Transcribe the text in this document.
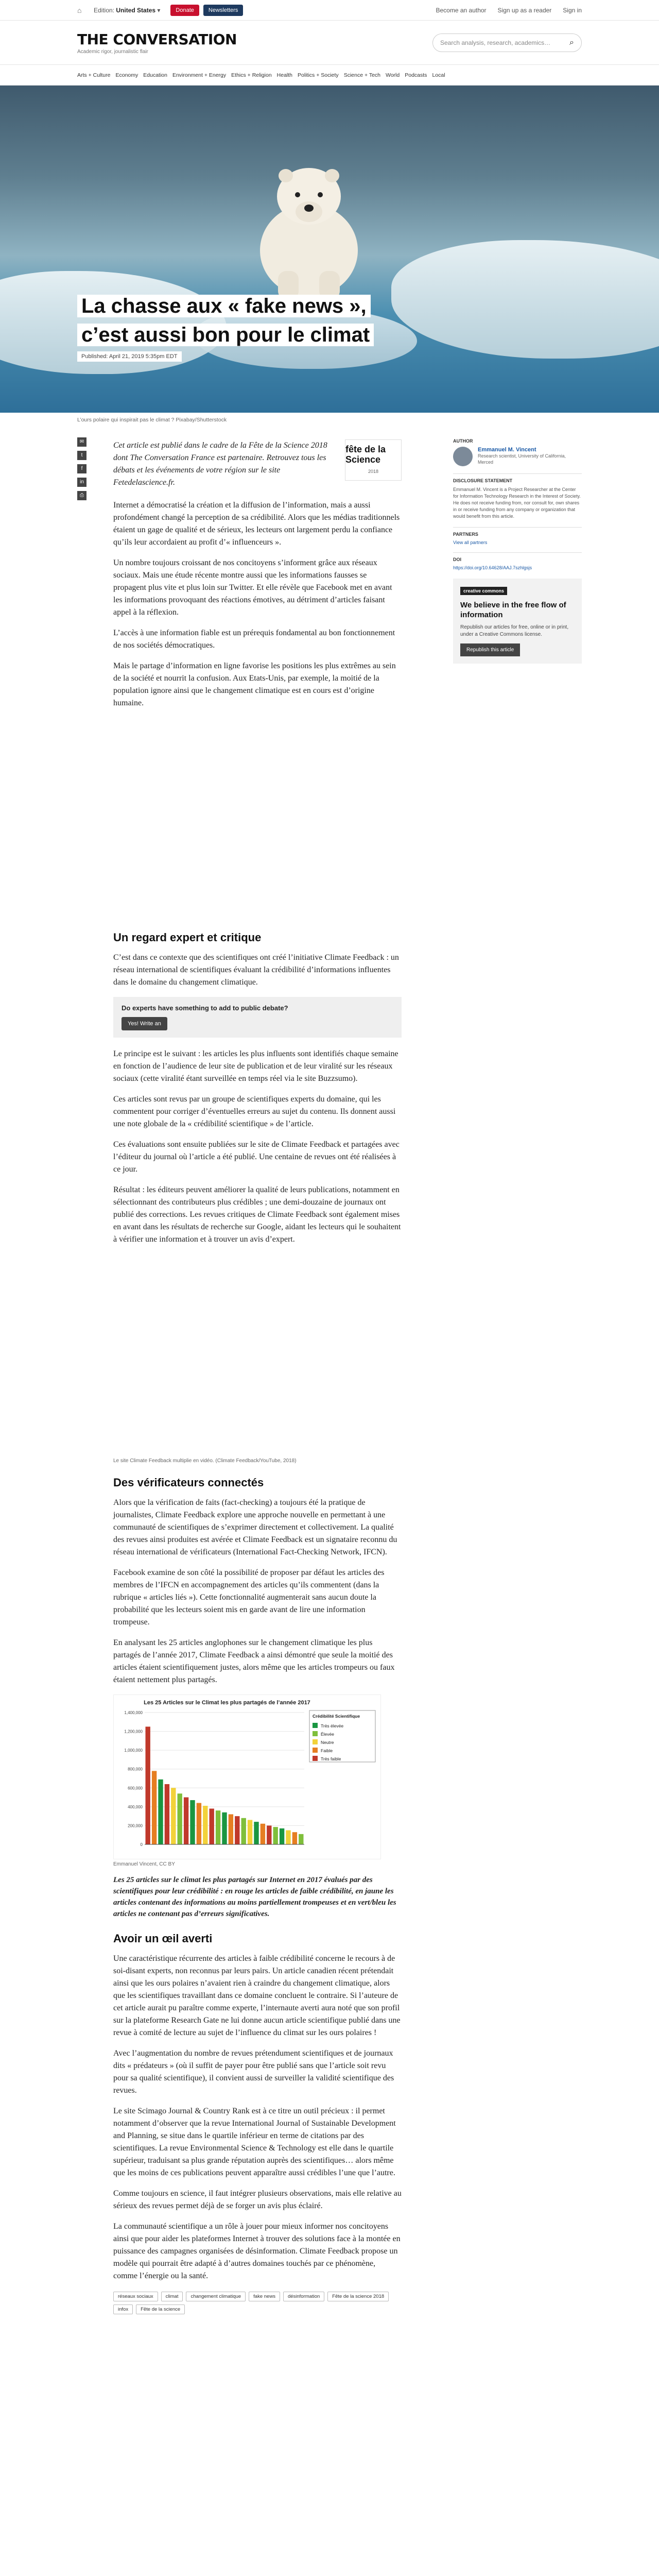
⌂	Edition: United States ▾	Donate	Newsletters	Become an author Sign up as a reader Sign in
THE CONVERSATION
Academic rigor, journalistic flair
Search analysis, research, academics…	⌕
Arts + Culture Economy Education Environment + Energy Ethics + Religion Health Politics + Society Science + Tech World Podcasts Local
La chasse aux « fake news », c’est aussi bon pour le climat
Published: April 21, 2019 5:35pm EDT
L’ours polaire qui inspirait pas le climat ? Pixabay/Shutterstock
✉
t
f
in
⎙

Cet article est publié dans le cadre de la Fête de la Science 2018 dont The Conversation France est partenaire. Retrouvez tous les débats et les événements de votre région sur le site Fetedelascience.fr.

fête de la Science
2018

Internet a démocratisé la création et la diffusion de l’information, mais a aussi profondément changé la perception de sa crédibilité. Alors que les médias traditionnels étaient un gage de qualité et de sérieux, les lecteurs ont largement perdu la confiance qu’ils leur accordaient au profit d’« influenceurs ».

Un nombre toujours croissant de nos concitoyens s’informent grâce aux réseaux sociaux. Mais une étude récente montre aussi que les informations fausses se propagent plus vite et plus loin sur Twitter. Et elle révèle que Facebook met en avant les informations provoquant des réactions émotives, au détriment d’articles faisant appel à la réflexion.

L’accès à une information fiable est un prérequis fondamental au bon fonctionnement de nos sociétés démocratiques.

Mais le partage d’information en ligne favorise les positions les plus extrêmes au sein de la société et nourrit la confusion. Aux Etats-Unis, par exemple, la moitié de la population ignore ainsi que le changement climatique est en cours est d’origine humaine.

Un regard expert et critique

C’est dans ce contexte que des scientifiques ont créé l’initiative Climate Feedback : un réseau international de scientifiques évaluant la crédibilité d’informations influentes dans le domaine du changement climatique.

Do experts have something to add to public debate?
Yes! Write an

Le principe est le suivant : les articles les plus influents sont identifiés chaque semaine en fonction de l’audience de leur site de publication et de leur viralité sur les réseaux sociaux (cette viralité étant surveillée en temps réel via le site Buzzsumo).

Ces articles sont revus par un groupe de scientifiques experts du domaine, qui les commentent pour corriger d’éventuelles erreurs au sujet du contenu. Ils donnent aussi une note globale de la « crédibilité scientifique » de l’article.

Ces évaluations sont ensuite publiées sur le site de Climate Feedback et partagées avec l’éditeur du journal où l’article a été publié. Une centaine de revues ont été réalisées à ce jour.

Résultat : les éditeurs peuvent améliorer la qualité de leurs publications, notamment en sélectionnant des contributeurs plus crédibles ; une demi-douzaine de journaux ont publié des corrections. Les revues critiques de Climate Feedback sont également mises en avant dans les résultats de recherche sur Google, aidant les lecteurs qui le souhaitent à vérifier une information et à trouver un avis d’expert.

Le site Climate Feedback multiplie en vidéo. (Climate Feedback/YouTube, 2018)
Des vérificateurs connectés

Alors que la vérification de faits (fact-checking) a toujours été la pratique de journalistes, Climate Feedback explore une approche nouvelle en permettant à une communauté de scientifiques de s’exprimer directement et collectivement. La qualité des revues ainsi produites est avérée et Climate Feedback est un signataire reconnu du réseau international de vérificateurs (International Fact-Checking Network, IFCN).

Facebook examine de son côté la possibilité de proposer par défaut les articles des membres de l’IFCN en accompagnement des articles qu’ils commentent (dans la rubrique « articles liés »). Cette fonctionnalité augmenterait sans aucun doute la probabilité que les lecteurs soient mis en garde avant de lire une information trompeuse.

En analysant les 25 articles anglophones sur le changement climatique les plus partagés de l’année 2017, Climate Feedback a ainsi démontré que seule la moitié des articles étaient scientifiquement justes, alors même que les articles trompeurs ou faux étaient nettement plus partagés.

Les 25 Articles sur le Climat les plus partagés de l’année 2017
0
200,000
400,000
600,000
800,000
1,000,000
1,200,000
1,400,000
Crédibilité Scientifique
Très élevée
Élevée
Neutre
Faible
Très faible
Emmanuel Vincent, CC BY

Les 25 articles sur le climat les plus partagés sur Internet en 2017 évalués par des scientifiques pour leur crédibilité : en rouge les articles de faible crédibilité, en jaune les articles contenant des informations au moins partiellement trompeuses et en vert/bleu les articles ne contenant pas d’erreurs significatives.

Avoir un œil averti

Une caractéristique récurrente des articles à faible crédibilité concerne le recours à de soi-disant experts, non reconnus par leurs pairs. Un article canadien récent prétendait ainsi que les ours polaires n’avaient rien à craindre du changement climatique, alors que les scientifiques travaillant dans ce domaine concluent le contraire. Si l’auteure de cet article aurait pu paraître comme experte, l’internaute averti aura noté que son profil sur la plateforme Research Gate ne lui donne aucun article scientifique publié dans une revue à comité de lecture au sujet de l’influence du climat sur les ours polaires !

Avec l’augmentation du nombre de revues prétendument scientifiques et de journaux dits « prédateurs » (où il suffit de payer pour être publié sans que l’article soit revu pour sa qualité scientifique), il convient aussi de surveiller la validité scientifique des revues.

Le site Scimago Journal & Country Rank est à ce titre un outil précieux : il permet notamment d’observer que la revue International Journal of Sustainable Development and Planning, se situe dans le quartile inférieur en terme de citations par des scientifiques. La revue Environmental Science & Technology est elle dans le quartile supérieur, traduisant sa plus grande réputation auprès des scientifiques… alors même que les moins de ces publications peuvent apparaître aussi crédibles l’une que l’autre.

Comme toujours en science, il faut intégrer plusieurs observations, mais elle relative au sérieux des revues permet déjà de se forger un avis plus éclairé.

La communauté scientifique a un rôle à jouer pour mieux informer nos concitoyens ainsi que pour aider les plateformes Internet à trouver des solutions face à la montée en puissance des campagnes organisées de désinformation. Climate Feedback propose un modèle qui pourrait être adapté à d’autres domaines touchés par ce phénomène, comme l’énergie ou la santé.

réseaux sociaux	climat	changement climatique	fake news	désinformation	Fête de la science 2018
infox	Fête de la science
AUTHOR
Emmanuel M. Vincent
Research scientist, University of California, Merced
DISCLOSURE STATEMENT
Emmanuel M. Vincent is a Project Researcher at the Center for Information Technology Research in the Interest of Society. He does not receive funding from, nor consult for, own shares in or receive funding from any company or organization that would benefit from this article.
PARTNERS
View all partners
DOI
https://doi.org/10.64628/AAJ.7szhlgsjs
creative commons
We believe in the free flow of information
Republish our articles for free, online or in print, under a Creative Commons license.
Republish this article
